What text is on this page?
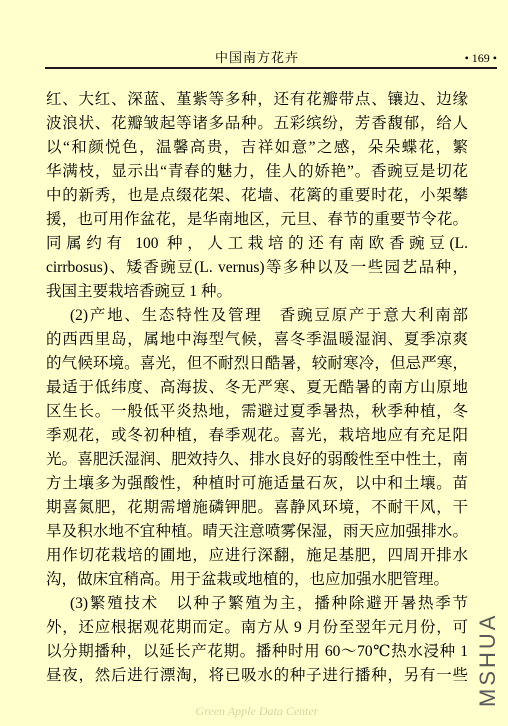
中国南方花卉	• 169 •
红、大红、深蓝、堇紫等多种，还有花瓣带点、镶边、边缘
波浪状、花瓣皱起等诸多品种。五彩缤纷，芳香馥郁，给人
以“和颜悦色，温馨高贵，吉祥如意”之感，朵朵蝶花，繁
华满枝，显示出“青春的魅力，佳人的娇艳”。香豌豆是切花
中的新秀，也是点缀花架、花墙、花篱的重要时花，小架攀
援，也可用作盆花，是华南地区，元旦、春节的重要节令花。
同属约有 100 种，人工栽培的还有南欧香豌豆(L.
cirrbosus)、矮香豌豆(L. vernus)等多种以及一些园艺品种，
我国主要栽培香豌豆 1 种。
(2)产地、生态特性及管理　香豌豆原产于意大利南部
的西西里岛，属地中海型气候，喜冬季温暖湿润、夏季凉爽
的气候环境。喜光，但不耐烈日酷暑，较耐寒冷，但忌严寒，
最适于低纬度、高海拔、冬无严寒、夏无酷暑的南方山原地
区生长。一般低平炎热地，需避过夏季暑热，秋季种植，冬
季观花，或冬初种植，春季观花。喜光，栽培地应有充足阳
光。喜肥沃湿润、肥效持久、排水良好的弱酸性至中性土，南
方土壤多为强酸性，种植时可施适量石灰，以中和土壤。苗
期喜氮肥，花期需增施磷钾肥。喜静风环境，不耐干风，干
旱及积水地不宜种植。晴天注意喷雾保湿，雨天应加强排水。
用作切花栽培的圃地，应进行深翻，施足基肥，四周开排水
沟，做床宜稍高。用于盆栽或地植的，也应加强水肥管理。
(3)繁殖技术　以种子繁殖为主，播种除避开暑热季节
外，还应根据观花期而定。南方从 9 月份至翌年元月份，可
以分期播种，以延长产花期。播种时用 60～70℃热水浸种 1
昼夜，然后进行漂淘，将已吸水的种子进行播种，另有一些 MSHUA
Green Apple Data Center
